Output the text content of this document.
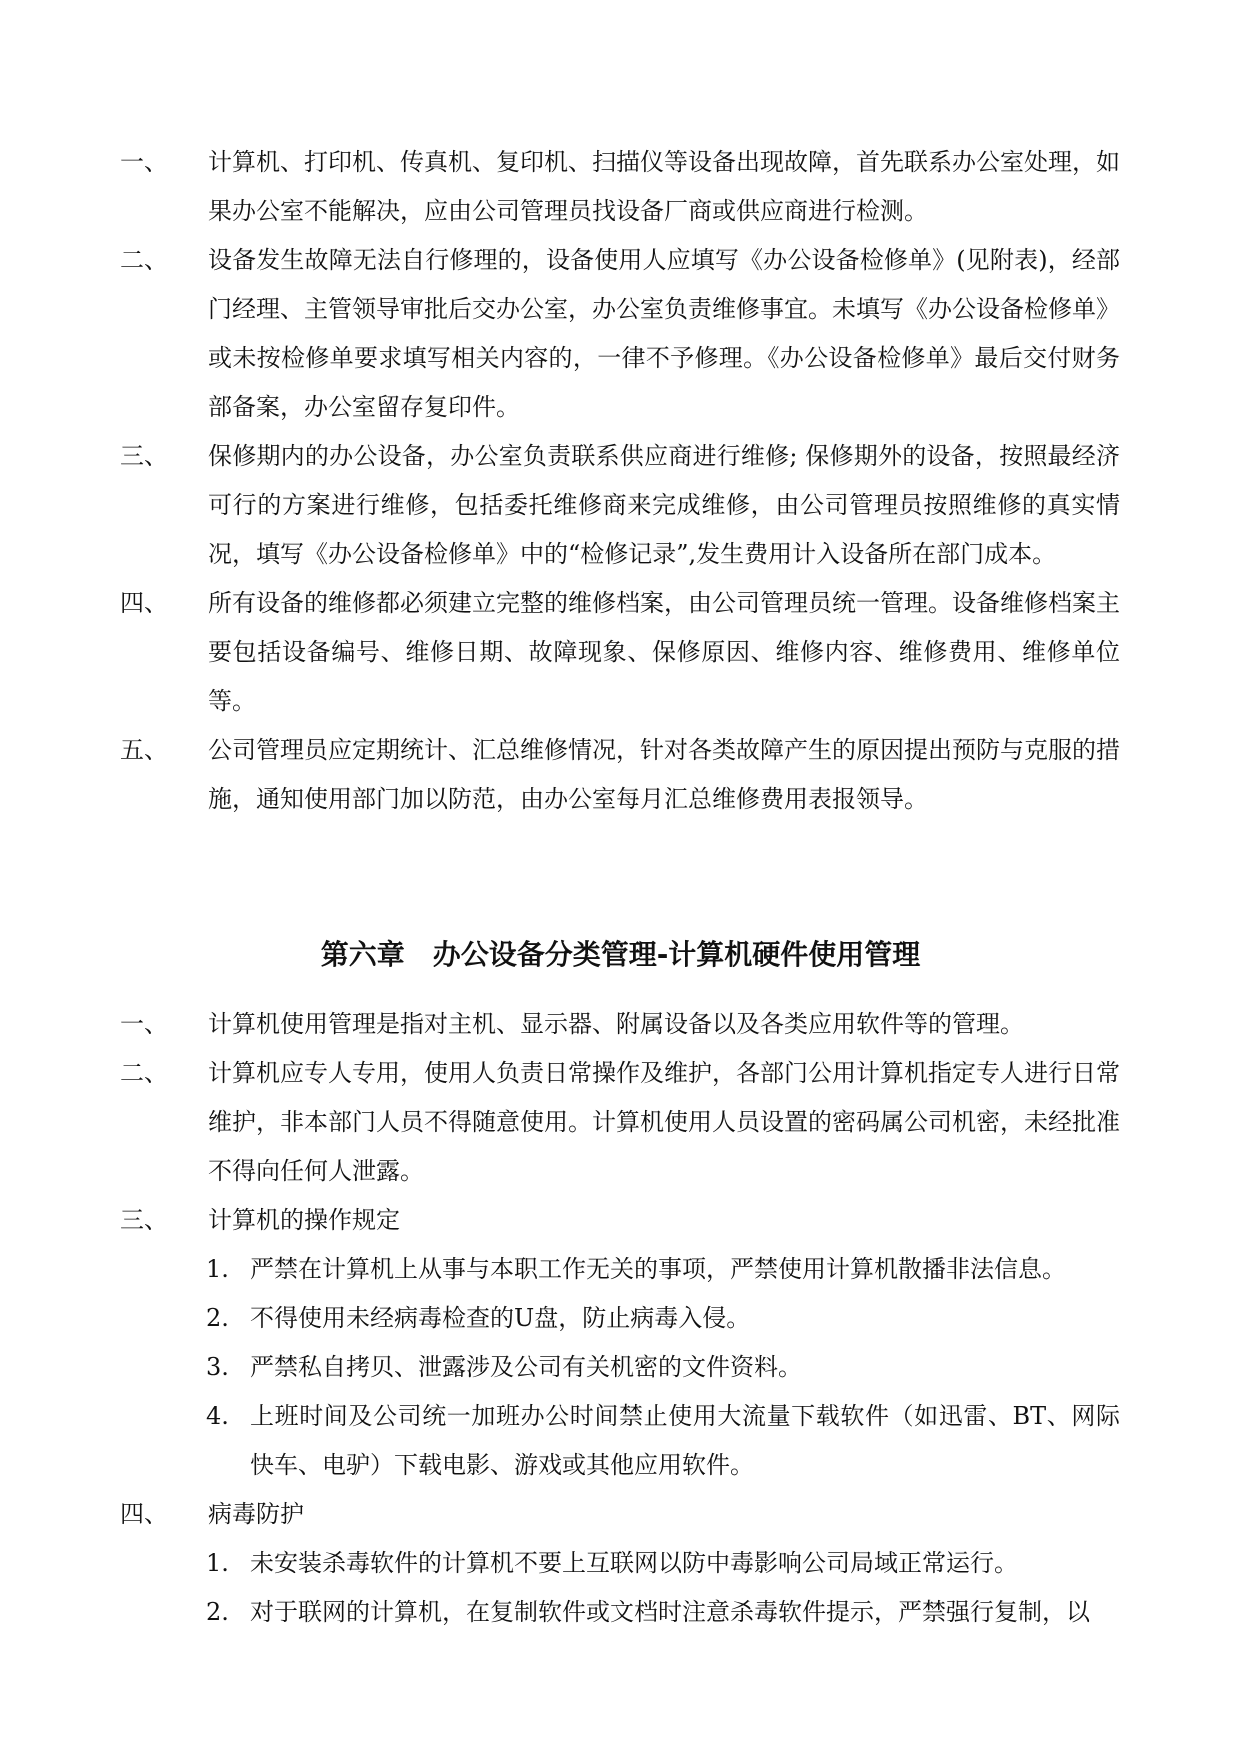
一、	计算机、打印机、传真机、复印机、扫描仪等设备出现故障，首先联系办公室处理，如果办公室不能解决，应由公司管理员找设备厂商或供应商进行检测。
二、	设备发生故障无法自行修理的，设备使用人应填写《办公设备检修单》(见附表)，经部门经理、主管领导审批后交办公室，办公室负责维修事宜。未填写《办公设备检修单》或未按检修单要求填写相关内容的，一律不予修理。《办公设备检修单》最后交付财务部备案，办公室留存复印件。
三、	保修期内的办公设备，办公室负责联系供应商进行维修; 保修期外的设备，按照最经济可行的方案进行维修，包括委托维修商来完成维修，由公司管理员按照维修的真实情况，填写《办公设备检修单》中的“检修记录”,发生费用计入设备所在部门成本。
四、	所有设备的维修都必须建立完整的维修档案，由公司管理员统一管理。设备维修档案主要包括设备编号、维修日期、故障现象、保修原因、维修内容、维修费用、维修单位等。
五、	公司管理员应定期统计、汇总维修情况，针对各类故障产生的原因提出预防与克服的措施，通知使用部门加以防范，由办公室每月汇总维修费用表报领导。
第六章　办公设备分类管理-计算机硬件使用管理
一、	计算机使用管理是指对主机、显示器、附属设备以及各类应用软件等的管理。
二、	计算机应专人专用，使用人负责日常操作及维护，各部门公用计算机指定专人进行日常维护，非本部门人员不得随意使用。计算机使用人员设置的密码属公司机密，未经批准不得向任何人泄露。
三、	计算机的操作规定
1. 严禁在计算机上从事与本职工作无关的事项，严禁使用计算机散播非法信息。
2. 不得使用未经病毒检查的U盘，防止病毒入侵。
3. 严禁私自拷贝、泄露涉及公司有关机密的文件资料。
4. 上班时间及公司统一加班办公时间禁止使用大流量下载软件（如迅雷、BT、网际快车、电驴）下载电影、游戏或其他应用软件。
四、	病毒防护
1. 未安装杀毒软件的计算机不要上互联网以防中毒影响公司局域正常运行。
2. 对于联网的计算机，在复制软件或文档时注意杀毒软件提示，严禁强行复制，以
